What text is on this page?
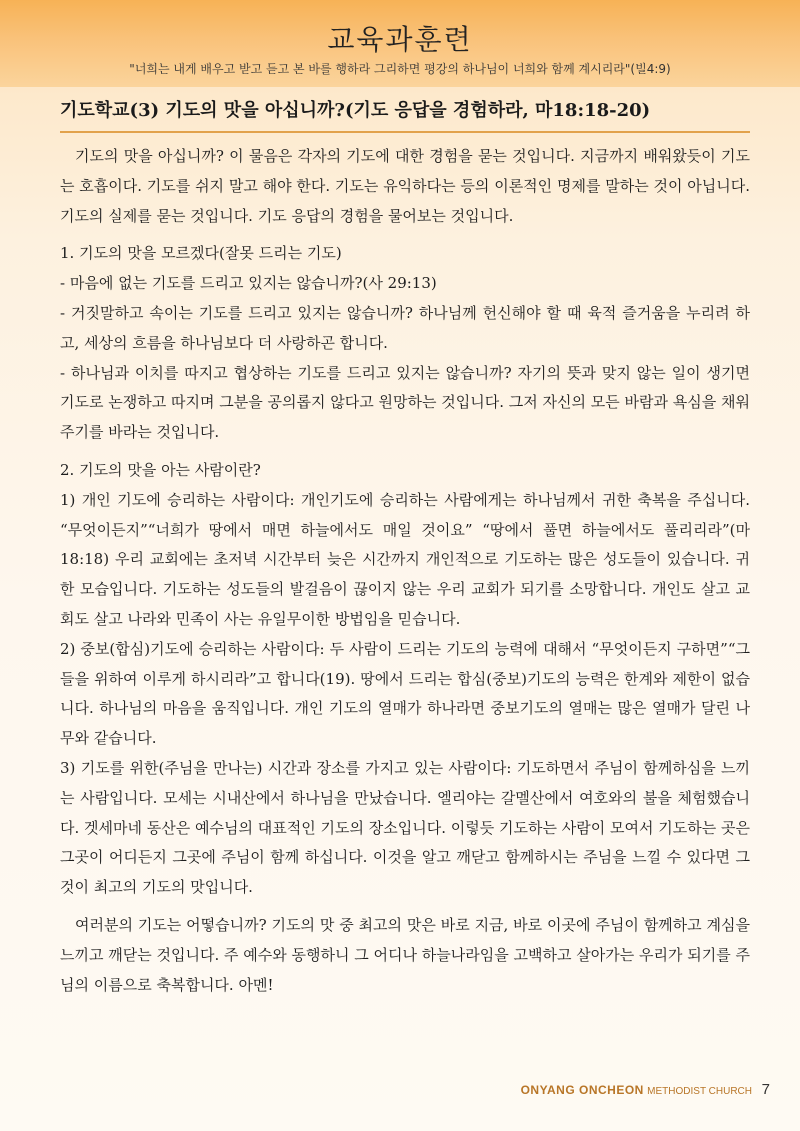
교육과훈련
"너희는 내게 배우고 받고 듣고 본 바를 행하라 그리하면 평강의 하나님이 너희와 함께 계시리라"(빌4:9)
기도학교(3) 기도의 맛을 아십니까?(기도 응답을 경험하라, 마18:18-20)

기도의 맛을 아십니까? 이 물음은 각자의 기도에 대한 경험을 묻는 것입니다. 지금까지 배워왔듯이 기도는 호흡이다. 기도를 쉬지 말고 해야 한다. 기도는 유익하다는 등의 이론적인 명제를 말하는 것이 아닙니다. 기도의 실제를 묻는 것입니다. 기도 응답의 경험을 물어보는 것입니다.

1. 기도의 맛을 모르겠다(잘못 드리는 기도)

- 마음에 없는 기도를 드리고 있지는 않습니까?(사 29:13)

- 거짓말하고 속이는 기도를 드리고 있지는 않습니까? 하나님께 헌신해야 할 때 육적 즐거움을 누리려 하고, 세상의 흐름을 하나님보다 더 사랑하곤 합니다.

- 하나님과 이치를 따지고 협상하는 기도를 드리고 있지는 않습니까? 자기의 뜻과 맞지 않는 일이 생기면 기도로 논쟁하고 따지며 그분을 공의롭지 않다고 원망하는 것입니다. 그저 자신의 모든 바람과 욕심을 채워주기를 바라는 것입니다.

2. 기도의 맛을 아는 사람이란?

1) 개인 기도에 승리하는 사람이다: 개인기도에 승리하는 사람에게는 하나님께서 귀한 축복을 주십니다. “무엇이든지”“너희가 땅에서 매면 하늘에서도 매일 것이요” “땅에서 풀면 하늘에서도 풀리리라”(마18:18) 우리 교회에는 초저녁 시간부터 늦은 시간까지 개인적으로 기도하는 많은 성도들이 있습니다. 귀한 모습입니다. 기도하는 성도들의 발걸음이 끊이지 않는 우리 교회가 되기를 소망합니다. 개인도 살고 교회도 살고 나라와 민족이 사는 유일무이한 방법임을 믿습니다.

2) 중보(합심)기도에 승리하는 사람이다: 두 사람이 드리는 기도의 능력에 대해서 “무엇이든지 구하면”“그들을 위하여 이루게 하시리라”고 합니다(19). 땅에서 드리는 합심(중보)기도의 능력은 한계와 제한이 없습니다. 하나님의 마음을 움직입니다. 개인 기도의 열매가 하나라면 중보기도의 열매는 많은 열매가 달린 나무와 같습니다.

3) 기도를 위한(주님을 만나는) 시간과 장소를 가지고 있는 사람이다: 기도하면서 주님이 함께하심을 느끼는 사람입니다. 모세는 시내산에서 하나님을 만났습니다. 엘리야는 갈멜산에서 여호와의 불을 체험했습니다. 겟세마네 동산은 예수님의 대표적인 기도의 장소입니다. 이렇듯 기도하는 사람이 모여서 기도하는 곳은 그곳이 어디든지 그곳에 주님이 함께 하십니다. 이것을 알고 깨닫고 함께하시는 주님을 느낄 수 있다면 그것이 최고의 기도의 맛입니다.

여러분의 기도는 어떻습니까? 기도의 맛 중 최고의 맛은 바로 지금, 바로 이곳에 주님이 함께하고 계심을 느끼고 깨닫는 것입니다. 주 예수와 동행하니 그 어디나 하늘나라임을 고백하고 살아가는 우리가 되기를 주님의 이름으로 축복합니다. 아멘!

ONYANG ONCHEON METHODIST CHURCH 7
